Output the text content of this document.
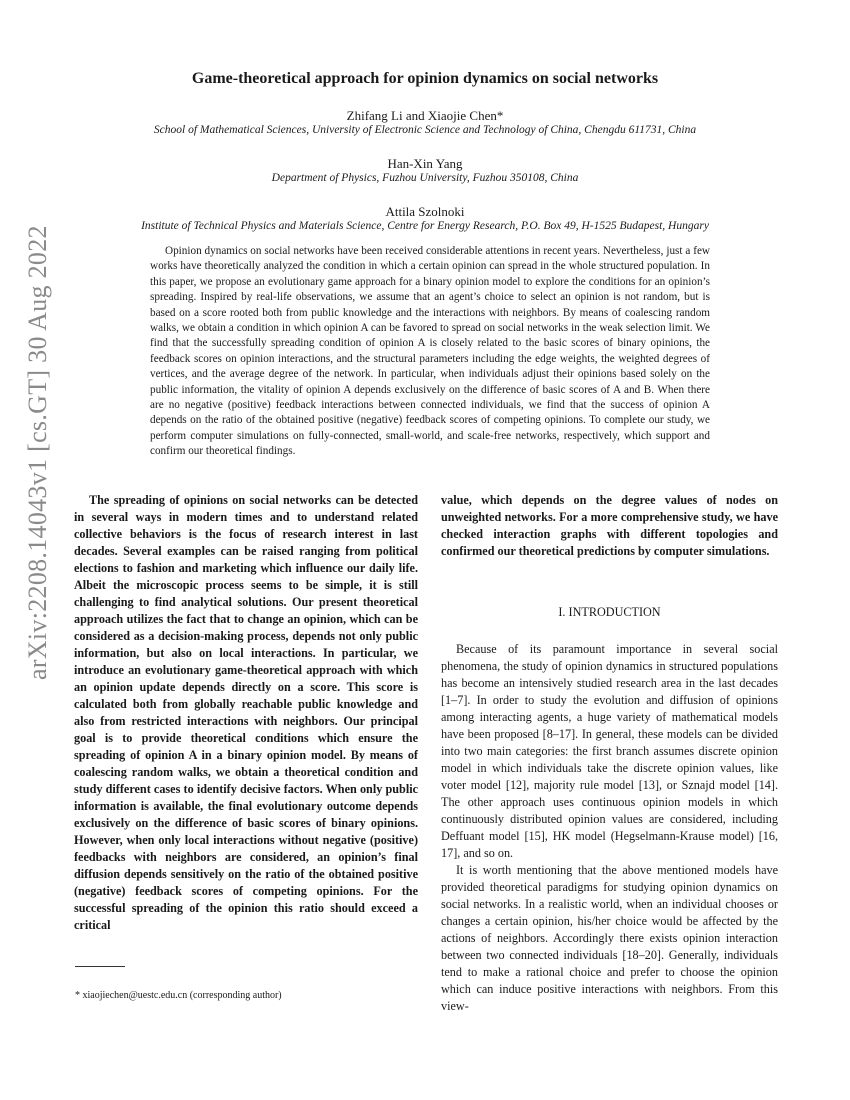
arXiv:2208.14043v1 [cs.GT] 30 Aug 2022
Game-theoretical approach for opinion dynamics on social networks
Zhifang Li and Xiaojie Chen*
School of Mathematical Sciences, University of Electronic Science and Technology of China, Chengdu 611731, China
Han-Xin Yang
Department of Physics, Fuzhou University, Fuzhou 350108, China
Attila Szolnoki
Institute of Technical Physics and Materials Science, Centre for Energy Research, P.O. Box 49, H-1525 Budapest, Hungary
Opinion dynamics on social networks have been received considerable attentions in recent years. Nevertheless, just a few works have theoretically analyzed the condition in which a certain opinion can spread in the whole structured population. In this paper, we propose an evolutionary game approach for a binary opinion model to explore the conditions for an opinion’s spreading. Inspired by real-life observations, we assume that an agent’s choice to select an opinion is not random, but is based on a score rooted both from public knowledge and the interactions with neighbors. By means of coalescing random walks, we obtain a condition in which opinion A can be favored to spread on social networks in the weak selection limit. We find that the successfully spreading condition of opinion A is closely related to the basic scores of binary opinions, the feedback scores on opinion interactions, and the structural parameters including the edge weights, the weighted degrees of vertices, and the average degree of the network. In particular, when individuals adjust their opinions based solely on the public information, the vitality of opinion A depends exclusively on the difference of basic scores of A and B. When there are no negative (positive) feedback interactions between connected individuals, we find that the success of opinion A depends on the ratio of the obtained positive (negative) feedback scores of competing opinions. To complete our study, we perform computer simulations on fully-connected, small-world, and scale-free networks, respectively, which support and confirm our theoretical findings.
The spreading of opinions on social networks can be detected in several ways in modern times and to understand related collective behaviors is the focus of research interest in last decades. Several examples can be raised ranging from political elections to fashion and marketing which influence our daily life. Albeit the microscopic process seems to be simple, it is still challenging to find analytical solutions. Our present theoretical approach utilizes the fact that to change an opinion, which can be considered as a decision-making process, depends not only public information, but also on local interactions. In particular, we introduce an evolutionary game-theoretical approach with which an opinion update depends directly on a score. This score is calculated both from globally reachable public knowledge and also from restricted interactions with neighbors. Our principal goal is to provide theoretical conditions which ensure the spreading of opinion A in a binary opinion model. By means of coalescing random walks, we obtain a theoretical condition and study different cases to identify decisive factors. When only public information is available, the final evolutionary outcome depends exclusively on the difference of basic scores of binary opinions. However, when only local interactions without negative (positive) feedbacks with neighbors are considered, an opinion’s final diffusion depends sensitively on the ratio of the obtained positive (negative) feedback scores of competing opinions. For the successful spreading of the opinion this ratio should exceed a critical
value, which depends on the degree values of nodes on unweighted networks. For a more comprehensive study, we have checked interaction graphs with different topologies and confirmed our theoretical predictions by computer simulations.
I. INTRODUCTION

Because of its paramount importance in several social phenomena, the study of opinion dynamics in structured populations has become an intensively studied research area in the last decades [1–7]. In order to study the evolution and diffusion of opinions among interacting agents, a huge variety of mathematical models have been proposed [8–17]. In general, these models can be divided into two main categories: the first branch assumes discrete opinion model in which individuals take the discrete opinion values, like voter model [12], majority rule model [13], or Sznajd model [14]. The other approach uses continuous opinion models in which continuously distributed opinion values are considered, including Deffuant model [15], HK model (Hegselmann-Krause model) [16, 17], and so on.

It is worth mentioning that the above mentioned models have provided theoretical paradigms for studying opinion dynamics on social networks. In a realistic world, when an individual chooses or changes a certain opinion, his/her choice would be affected by the actions of neighbors. Accordingly there exists opinion interaction between two connected individuals [18–20]. Generally, individuals tend to make a rational choice and prefer to choose the opinion which can induce positive interactions with neighbors. From this view-

* xiaojiechen@uestc.edu.cn (corresponding author)
